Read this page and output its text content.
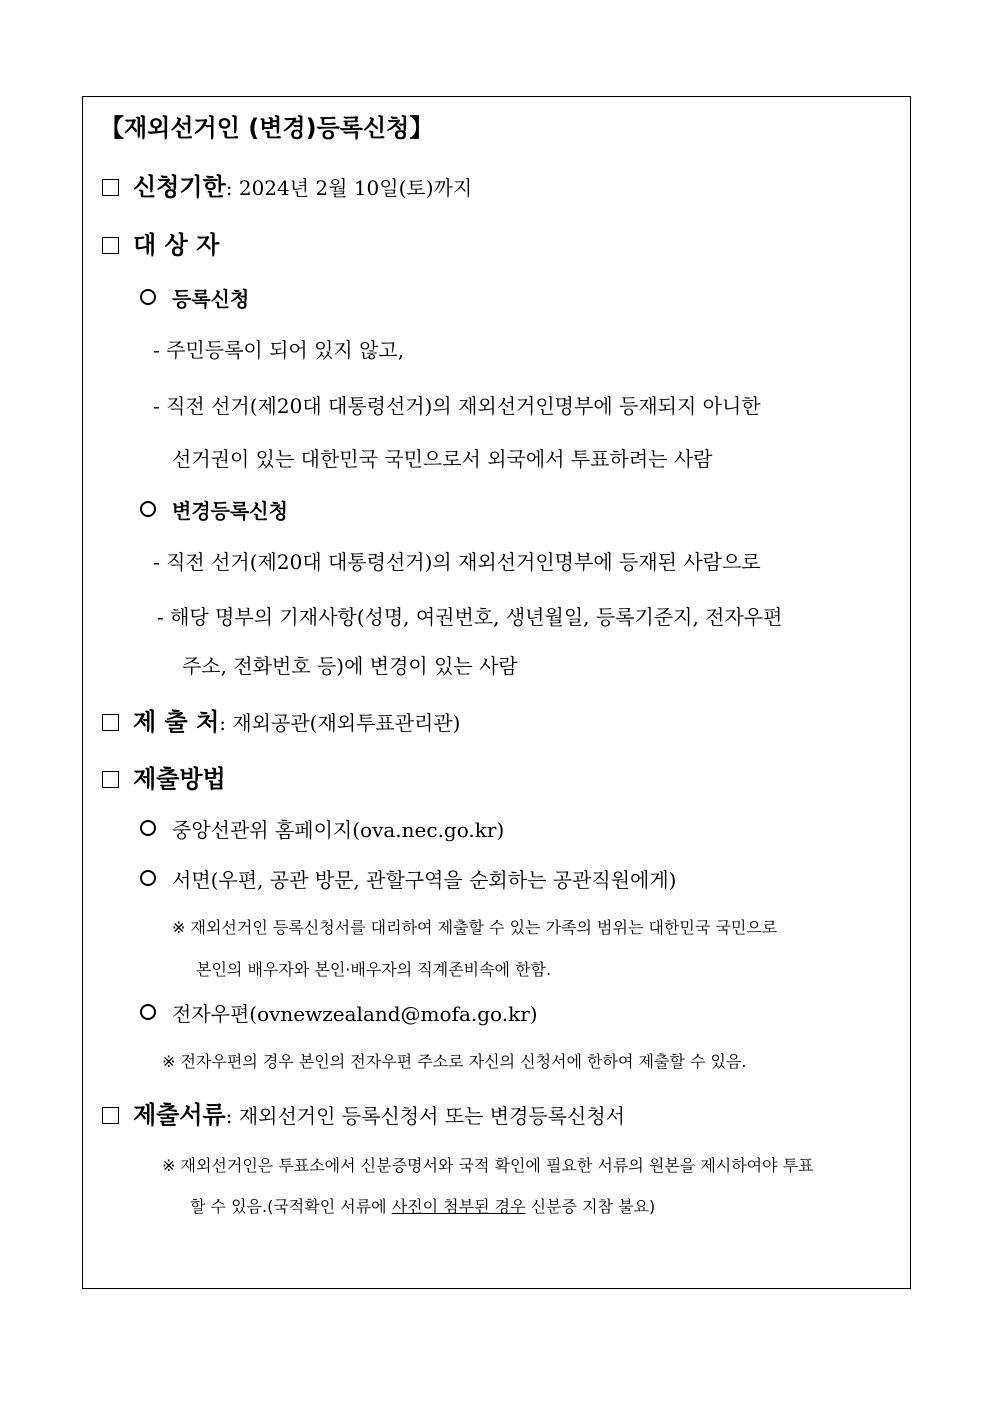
【재외선거인 (변경)등록신청】
신청기한: 2024년 2월 10일(토)까지
대 상 자
등록신청
- 주민등록이 되어 있지 않고,
- 직전 선거(제20대 대통령선거)의 재외선거인명부에 등재되지 아니한
선거권이 있는 대한민국 국민으로서 외국에서 투표하려는 사람
변경등록신청
- 직전 선거(제20대 대통령선거)의 재외선거인명부에 등재된 사람으로
- 해당 명부의 기재사항(성명, 여권번호, 생년월일, 등록기준지, 전자우편
주소, 전화번호 등)에 변경이 있는 사람
제 출 처: 재외공관(재외투표관리관)
제출방법
중앙선관위 홈페이지(ova.nec.go.kr)
서면(우편, 공관 방문, 관할구역을 순회하는 공관직원에게)
※ 재외선거인 등록신청서를 대리하여 제출할 수 있는 가족의 범위는 대한민국 국민으로
본인의 배우자와 본인·배우자의 직계존비속에 한함.
전자우편(ovnewzealand@mofa.go.kr)
※ 전자우편의 경우 본인의 전자우편 주소로 자신의 신청서에 한하여 제출할 수 있음.
제출서류: 재외선거인 등록신청서 또는 변경등록신청서
※ 재외선거인은 투표소에서 신분증명서와 국적 확인에 필요한 서류의 원본을 제시하여야 투표
할 수 있음.(국적확인 서류에 사진이 첨부된 경우 신분증 지참 불요)
